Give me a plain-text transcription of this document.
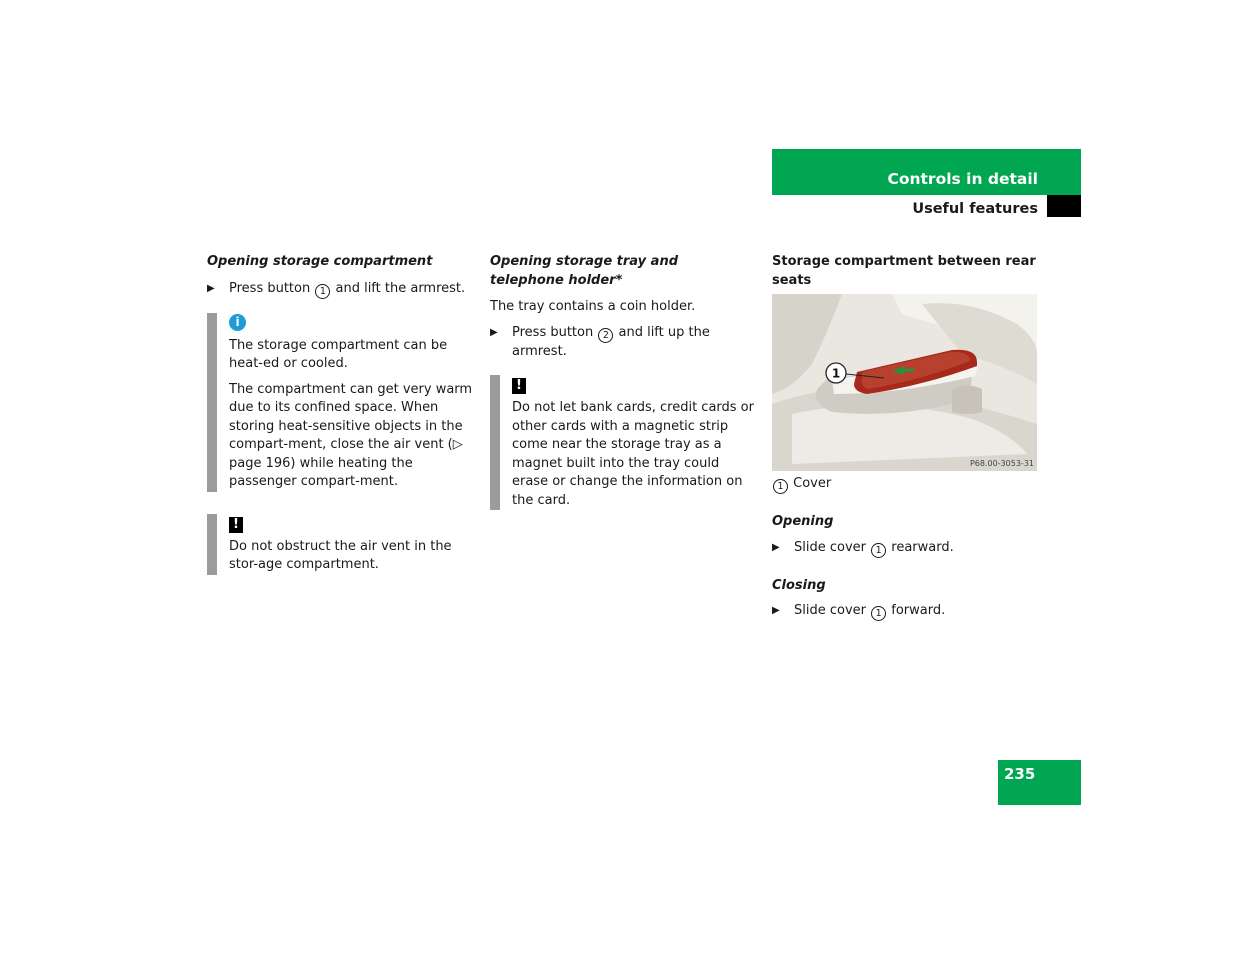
Controls in detail
Useful features

Opening storage compartment

▶ Press button 1 and lift the armrest.

i

The storage compartment can be heat-ed or cooled.

The compartment can get very warm due to its confined space. When storing heat-sensitive objects in the compart-ment, close the air vent (▷ page 196) while heating the passenger compart-ment.

!

Do not obstruct the air vent in the stor-age compartment.

Opening storage tray and telephone holder*

The tray contains a coin holder.

▶ Press button 2 and lift up the armrest.

!

Do not let bank cards, credit cards or other cards with a magnetic strip come near the storage tray as a magnet built into the tray could erase or change the information on the card.

Storage compartment between rear seats

1
P68.00-3053-31

1 Cover

Opening

▶ Slide cover 1 rearward.

Closing

▶ Slide cover 1 forward.

235
